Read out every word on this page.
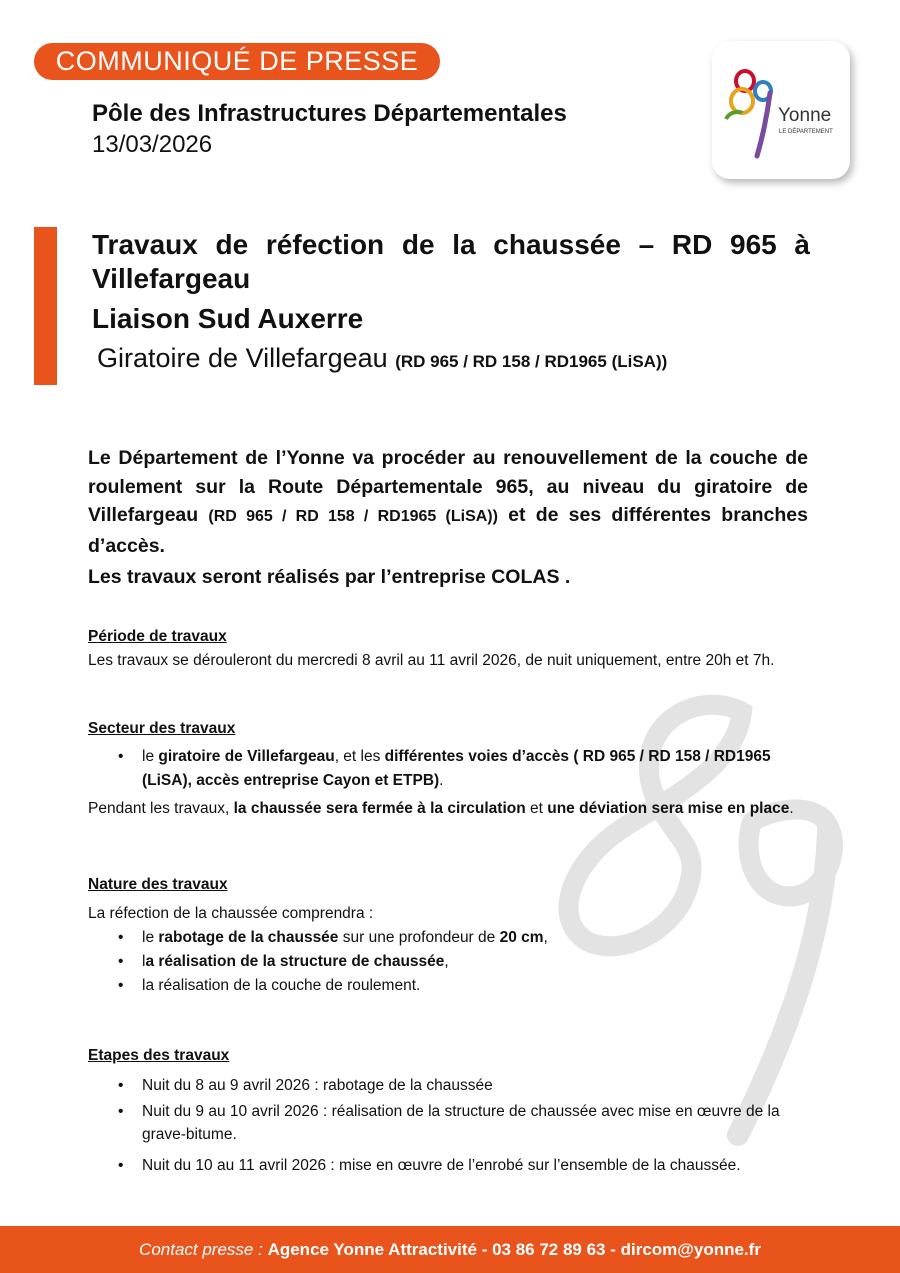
COMMUNIQUÉ DE PRESSE
Yonne
LE DÉPARTEMENT
Pôle des Infrastructures Départementales
13/03/2026
Travaux de réfection de la chaussée – RD 965 à Villefargeau
Liaison Sud Auxerre
Giratoire de Villefargeau (RD 965 / RD 158 / RD1965 (LiSA))
Le Département de l’Yonne va procéder au renouvellement de la couche de roulement sur la Route Départementale 965, au niveau du giratoire de Villefargeau (RD 965 / RD 158 / RD1965 (LiSA)) et de ses différentes branches d’accès.
Les travaux seront réalisés par l’entreprise COLAS .
Période de travaux
Les travaux se dérouleront du mercredi 8 avril au 11 avril 2026, de nuit uniquement, entre 20h et 7h.
Secteur des travaux
• le giratoire de Villefargeau, et les différentes voies d’accès ( RD 965 / RD 158 / RD1965 (LiSA), accès entreprise Cayon et ETPB).
Pendant les travaux, la chaussée sera fermée à la circulation et une déviation sera mise en place.
Nature des travaux
La réfection de la chaussée comprendra :
• le rabotage de la chaussée sur une profondeur de 20 cm,
• la réalisation de la structure de chaussée,
• la réalisation de la couche de roulement.
Etapes des travaux
• Nuit du 8 au 9 avril 2026 : rabotage de la chaussée
• Nuit du 9 au 10 avril 2026 : réalisation de la structure de chaussée avec mise en œuvre de la grave-bitume.
• Nuit du 10 au 11 avril 2026 : mise en œuvre de l’enrobé sur l’ensemble de la chaussée.
Contact presse : Agence Yonne Attractivité - 03 86 72 89 63 - dircom@yonne.fr
